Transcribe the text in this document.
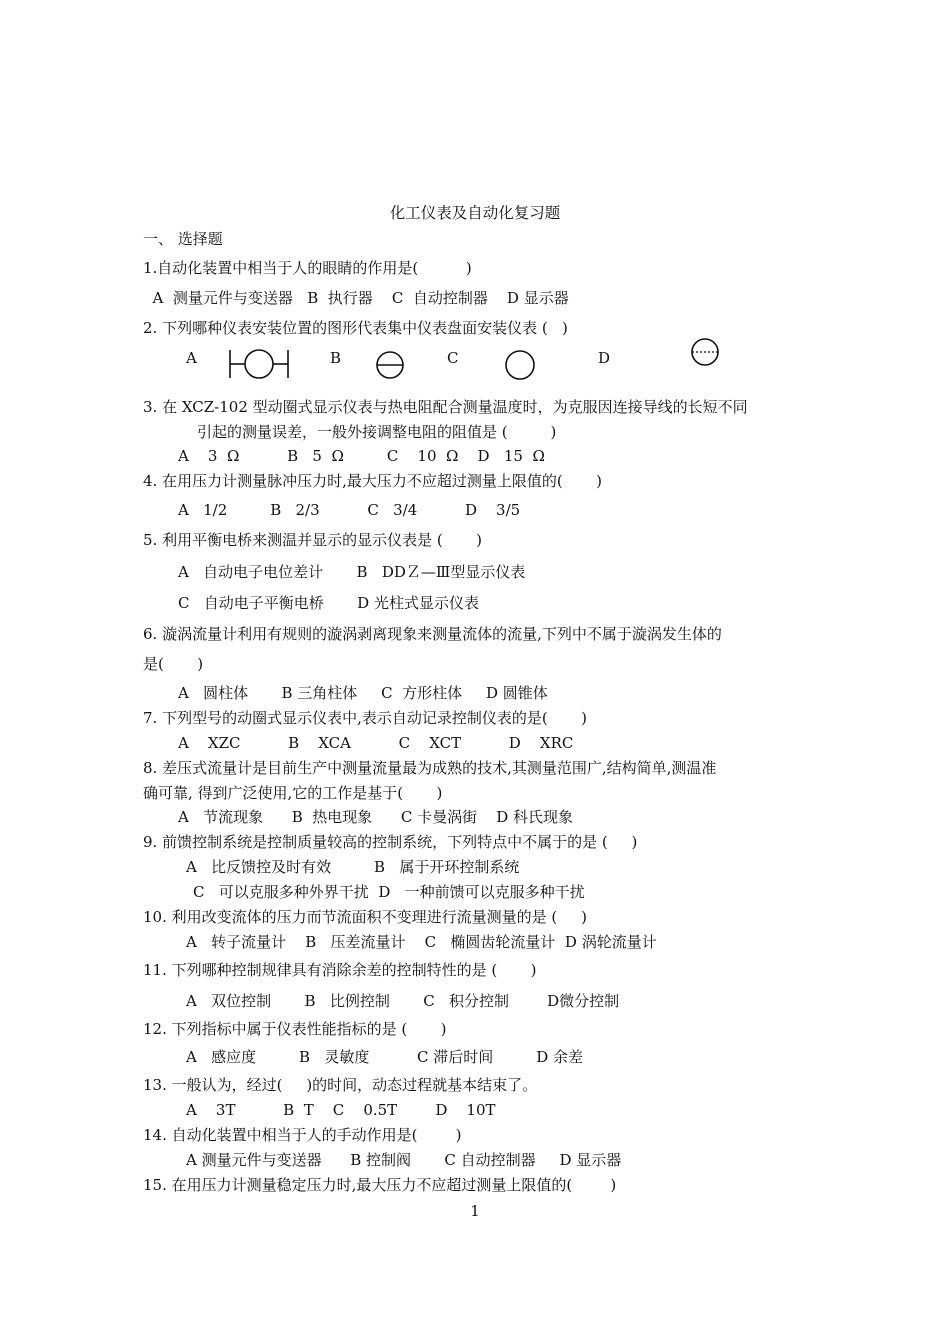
化工仪表及自动化复习题
一、 选择题
1.自动化装置中相当于人的眼睛的作用是(          )
A  测量元件与变送器   B  执行器    C  自动控制器    D 显示器
2. 下列哪种仪表安装位置的图形代表集中仪表盘面安装仪表 (   )
A	B	C	D
3. 在 XCZ-102 型动圈式显示仪表与热电阻配合测量温度时，为克服因连接导线的长短不同
引起的测量误差，一般外接调整电阻的阻值是 (         )
A    3  Ω          B   5  Ω         C    10  Ω    D   15  Ω
4. 在用压力计测量脉冲压力时,最大压力不应超过测量上限值的(       )
A   1/2         B   2/3          C   3/4          D    3/5
5. 利用平衡电桥来测温并显示的显示仪表是 (       )
A   自动电子电位差计       B   DDＺ—Ⅲ型显示仪表
C   自动电子平衡电桥       D 光柱式显示仪表
6. 漩涡流量计利用有规则的漩涡剥离现象来测量流体的流量,下列中不属于漩涡发生体的
是(       )
A   圆柱体       B 三角柱体     C  方形柱体     D 圆锥体
7. 下列型号的动圈式显示仪表中,表示自动记录控制仪表的是(       )
A    XZC          B    XCA          C    XCT          D    XRC
8. 差压式流量计是目前生产中测量流量最为成熟的技术,其测量范围广,结构简单,测温准
确可靠, 得到广泛使用,它的工作是基于(       )
A   节流现象      B  热电现象      C 卡曼涡街    D 科氏现象
9. 前馈控制系统是控制质量较高的控制系统，下列特点中不属于的是 (     )
A   比反馈控及时有效         B   属于开环控制系统
C   可以克服多种外界干扰  D   一种前馈可以克服多种干扰
10. 利用改变流体的压力而节流面积不变理进行流量测量的是 (     )
A   转子流量计    B   压差流量计    C   椭圆齿轮流量计  D 涡轮流量计
11. 下列哪种控制规律具有消除余差的控制特性的是 (       )
A   双位控制       B   比例控制       C   积分控制        D微分控制
12. 下列指标中属于仪表性能指标的是 (       )
A   感应度         B   灵敏度          C 滞后时间         D 余差
13. 一般认为，经过(     )的时间，动态过程就基本结束了。
A    3T          B  T    C    0.5T        D    10T
14. 自动化装置中相当于人的手动作用是(        )
A 测量元件与变送器      B 控制阀       C 自动控制器     D 显示器
15. 在用压力计测量稳定压力时,最大压力不应超过测量上限值的(        )
1
